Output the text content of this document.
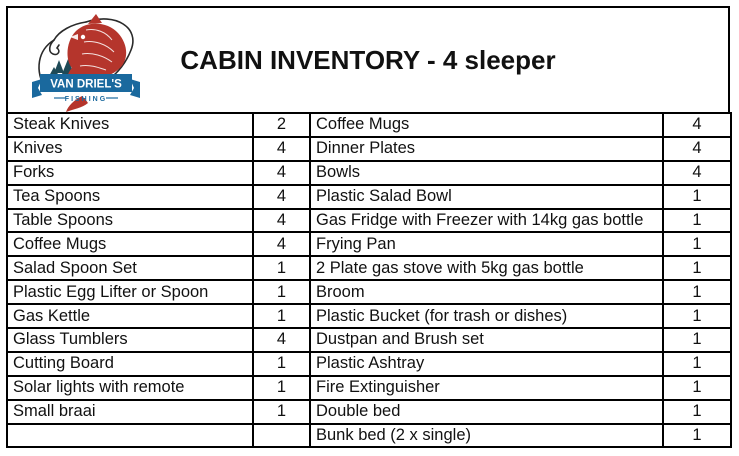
VAN DRIEL'S
FISHING
CABIN INVENTORY - 4 sleeper
Steak Knives	2	Coffee Mugs	4
Knives	4	Dinner Plates	4
Forks	4	Bowls	4
Tea Spoons	4	Plastic Salad Bowl	1
Table Spoons	4	Gas Fridge with Freezer with 14kg gas bottle	1
Coffee Mugs	4	Frying Pan	1
Salad Spoon Set	1	2 Plate gas stove with 5kg gas bottle	1
Plastic Egg Lifter or Spoon	1	Broom	1
Gas Kettle	1	Plastic Bucket (for trash or dishes)	1
Glass Tumblers	4	Dustpan and Brush set	1
Cutting Board	1	Plastic Ashtray	1
Solar lights with remote	1	Fire Extinguisher	1
Small braai	1	Double bed	1
		Bunk bed (2 x single)	1
